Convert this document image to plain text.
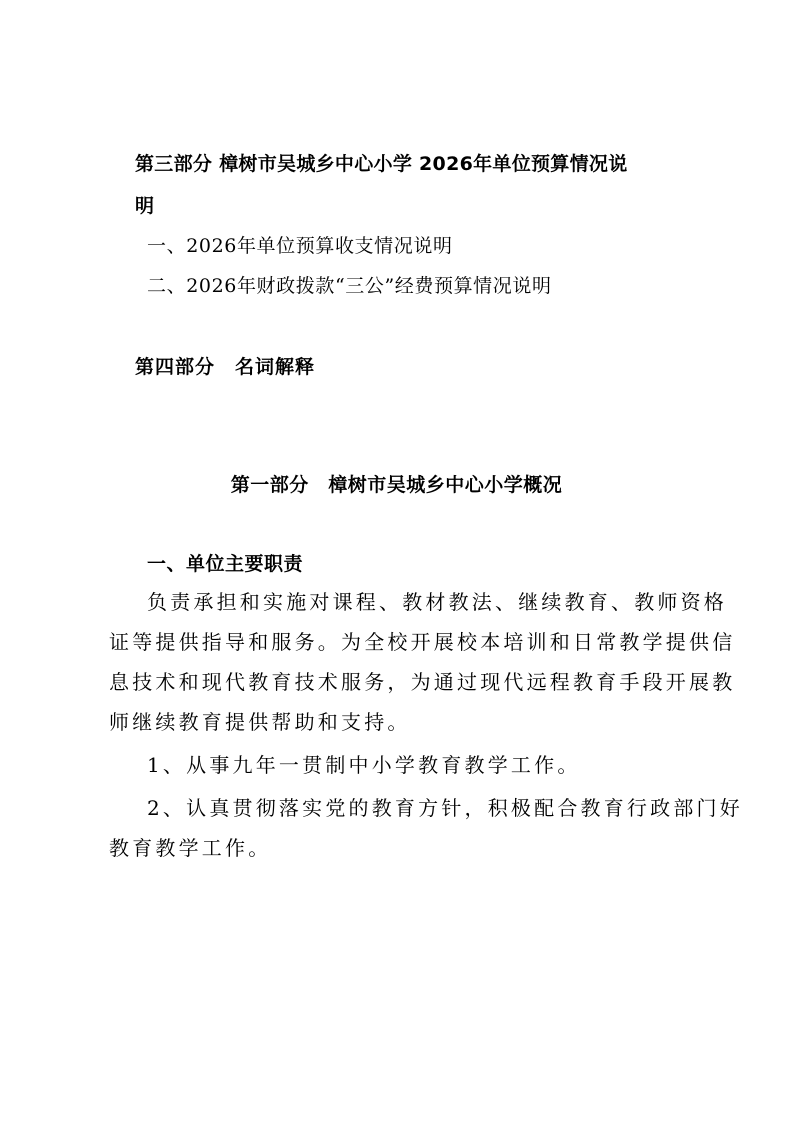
第三部分 樟树市吴城乡中心小学 2026年单位预算情况说
明
一、2026年单位预算收支情况说明
二、2026年财政拨款“三公”经费预算情况说明
第四部分　名词解释
第一部分　樟树市吴城乡中心小学概况
一、单位主要职责
负责承担和实施对课程、教材教法、继续教育、教师资格
证等提供指导和服务。为全校开展校本培训和日常教学提供信
息技术和现代教育技术服务，为通过现代远程教育手段开展教
师继续教育提供帮助和支持。
1、从事九年一贯制中小学教育教学工作。
2、认真贯彻落实党的教育方针，积极配合教育行政部门好
教育教学工作。
